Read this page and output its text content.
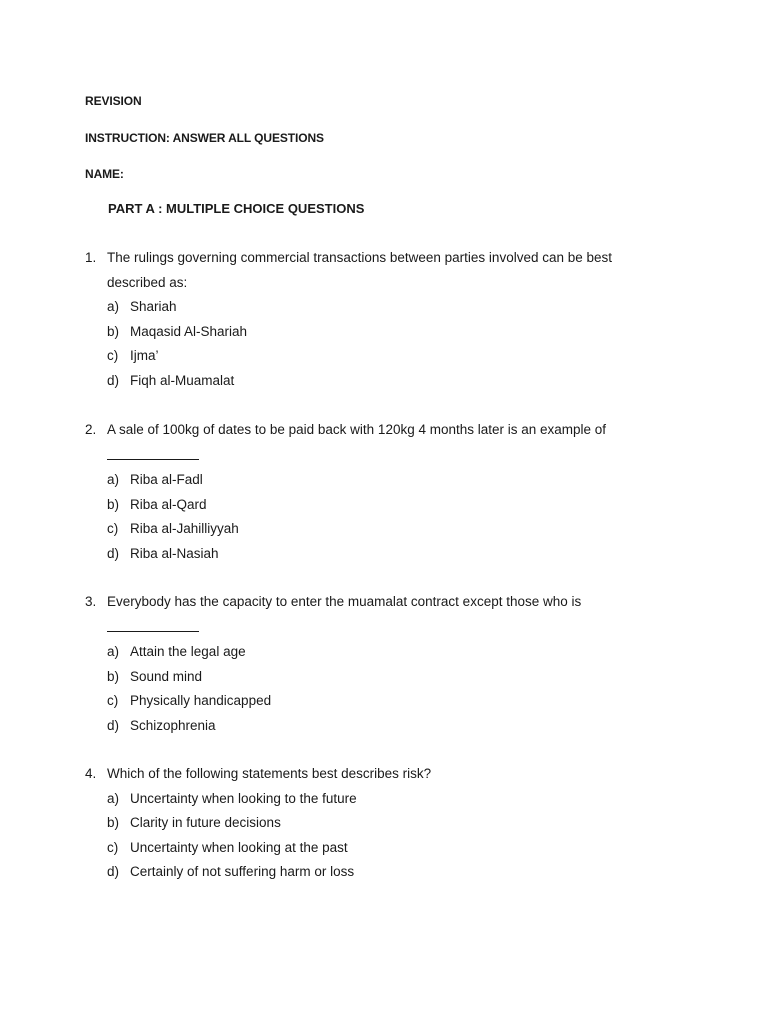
REVISION

INSTRUCTION: ANSWER ALL QUESTIONS

NAME:

PART A : MULTIPLE CHOICE QUESTIONS
1. The rulings governing commercial transactions between parties involved can be best
described as:
a) Shariah
b) Maqasid Al-Shariah
c) Ijma’
d) Fiqh al-Muamalat
2. A sale of 100kg of dates to be paid back with 120kg 4 months later is an example of

a) Riba al-Fadl
b) Riba al-Qard
c) Riba al-Jahilliyyah
d) Riba al-Nasiah
3. Everybody has the capacity to enter the muamalat contract except those who is

a) Attain the legal age
b) Sound mind
c) Physically handicapped
d) Schizophrenia
4. Which of the following statements best describes risk?
a) Uncertainty when looking to the future
b) Clarity in future decisions
c) Uncertainty when looking at the past
d) Certainly of not suffering harm or loss
